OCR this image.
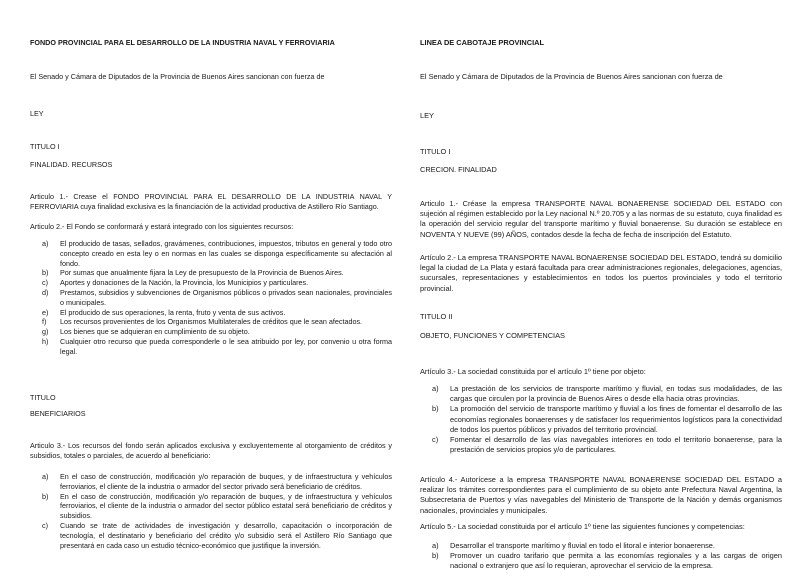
FONDO PROVINCIAL PARA EL DESARROLLO DE LA INDUSTRIA NAVAL Y FERROVIARIA
El Senado y Cámara de Diputados de la Provincia de Buenos Aires sancionan con fuerza de
LEY
TITULO I
FINALIDAD. RECURSOS
Articulo 1.- Crease el FONDO PROVINCIAL PARA EL DESARROLLO DE LA INDUSTRIA NAVAL Y FERROVIARIA cuya finalidad exclusiva es la financiación de la actividad productiva de Astillero Río Santiago.
Articulo 2.- El Fondo se conformará y estará integrado con los siguientes recursos:
a) El producido de tasas, sellados, gravámenes, contribuciones, impuestos, tributos en general y todo otro concepto creado en esta ley o en normas en las cuales se disponga específicamente su afectación al fondo.
b) Por sumas que anualmente fijara la Ley de presupuesto de la Provincia de Buenos Aires.
c) Aportes y donaciones de la Nación, la Provincia, los Municipios y particulares.
d) Prestamos, subsidios y subvenciones de Organismos públicos o privados sean nacionales, provinciales o municipales.
e) El producido de sus operaciones, la renta, fruto y venta de sus activos.
f) Los recursos provenientes de los Organismos Multilaterales de créditos que le sean afectados.
g) Los bienes que se adquieran en cumplimiento de su objeto.
h) Cualquier otro recurso que pueda corresponderle o le sea atribuido por ley, por convenio u otra forma legal.
TITULO
BENEFICIARIOS
Articulo 3.- Los recursos del fondo serán aplicados exclusiva y excluyentemente al otorgamiento de créditos y subsidios, totales o parciales, de acuerdo al beneficiario:
a) En el caso de construcción, modificación y/o reparación de buques, y de infraestructura y vehículos ferroviarios, el cliente de la industria o armador del sector privado será beneficiario de créditos.
b) En el caso de construcción, modificación y/o reparación de buques, y de infraestructura y vehículos ferroviarios, el cliente de la industria o armador del sector público estatal será beneficiario de créditos y subsidios.
c) Cuando se trate de actividades de investigación y desarrollo, capacitación o incorporación de tecnología, el destinatario y beneficiario del crédito y/o subsidio será el Astillero Río Santiago que presentará en cada caso un estudio técnico-económico que justifique la inversión.
LINEA DE CABOTAJE PROVINCIAL
El Senado y Cámara de Diputados de la Provincia de Buenos Aires sancionan con fuerza de
LEY
TITULO I
CRECION. FINALIDAD
Articulo 1.- Créase la empresa TRANSPORTE NAVAL BONAERENSE SOCIEDAD DEL ESTADO con sujeción al régimen establecido por la Ley nacional N.º 20.705 y a las normas de su estatuto, cuya finalidad es la operación del servicio regular del transporte marítimo y fluvial bonaerense. Su duración se establece en NOVENTA Y NUEVE (99) AÑOS, contados desde la fecha de fecha de inscripción del Estatuto.
Artículo 2.- La empresa TRANSPORTE NAVAL BONAERENSE SOCIEDAD DEL ESTADO, tendrá su domicilio legal la ciudad de La Plata y estará facultada para crear administraciones regionales, delegaciones, agencias, sucursales, representaciones y establecimientos en todos los puertos provinciales y todo el territorio provincial.
TITULO II
OBJETO, FUNCIONES Y COMPETENCIAS
Artículo 3.- La sociedad constituida por el artículo 1º tiene por objeto:
a) La prestación de los servicios de transporte marítimo y fluvial, en todas sus modalidades, de las cargas que circulen por la provincia de Buenos Aires o desde ella hacia otras provincias.
b) La promoción del servicio de transporte marítimo y fluvial a los fines de fomentar el desarrollo de las economías regionales bonaerenses y de satisfacer los requerimientos logísticos para la conectividad de todos los puertos públicos y privados del territorio provincial.
c) Fomentar el desarrollo de las vías navegables interiores en todo el territorio bonaerense, para la prestación de servicios propios y/o de particulares.
Artículo 4.- Autorícese a la empresa TRANSPORTE NAVAL BONAERENSE SOCIEDAD DEL ESTADO a realizar los trámites correspondientes para el cumplimiento de su objeto ante Prefectura Naval Argentina, la Subsecretaria de Puertos y vías navegables del Ministerio de Transporte de la Nación y demás organismos nacionales, provinciales y municipales.
Artículo 5.- La sociedad constituida por el artículo 1º tiene las siguientes funciones y competencias:
a) Desarrollar el transporte marítimo y fluvial en todo el litoral e interior bonaerense.
b) Promover un cuadro tarifario que permita a las economías regionales y a las cargas de origen nacional o extranjero que así lo requieran, aprovechar el servicio de la empresa.
